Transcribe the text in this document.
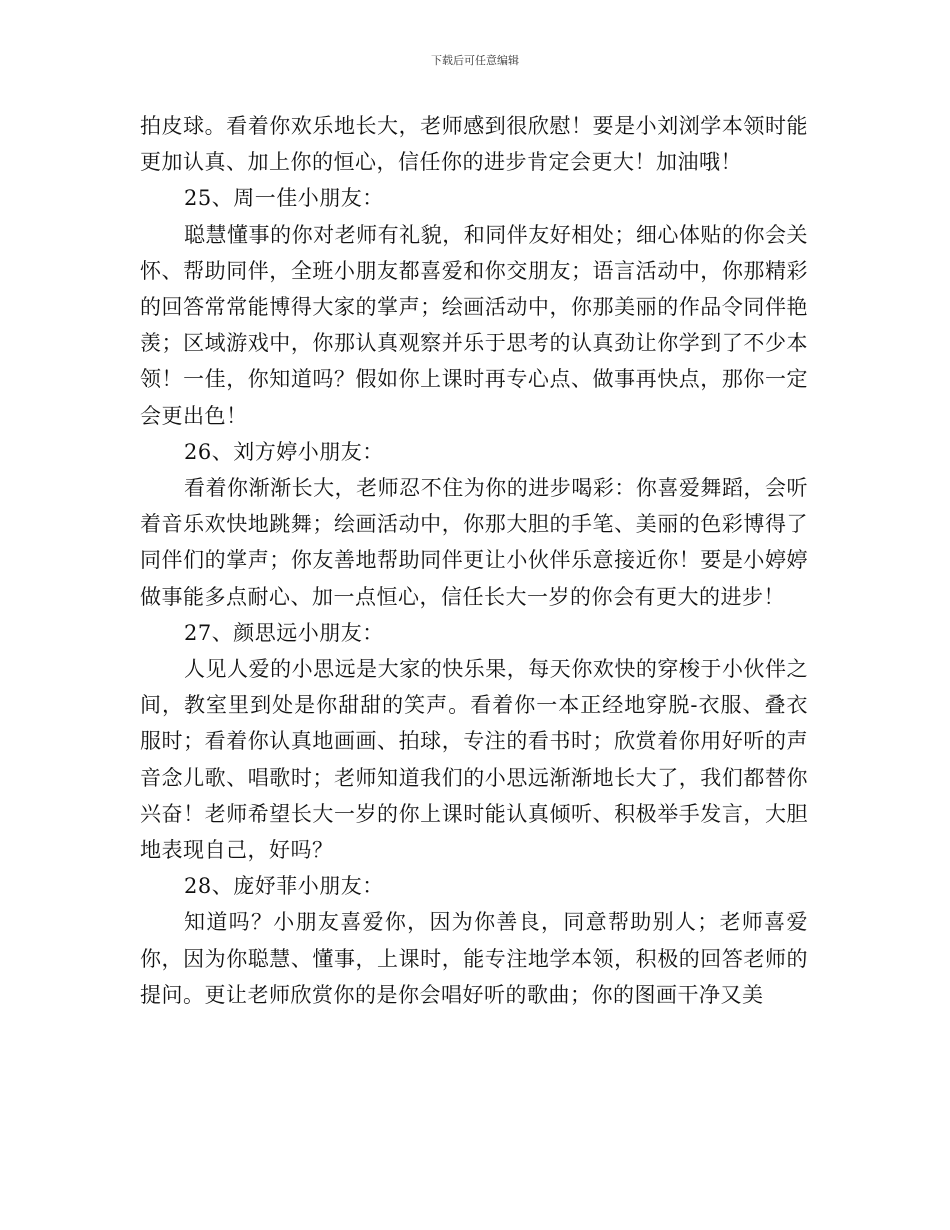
下载后可任意编辑

拍皮球。看着你欢乐地长大，老师感到很欣慰！要是小刘浏学本领时能更加认真、加上你的恒心，信任你的进步肯定会更大！加油哦！

25、周一佳小朋友：

聪慧懂事的你对老师有礼貌，和同伴友好相处；细心体贴的你会关怀、帮助同伴，全班小朋友都喜爱和你交朋友；语言活动中，你那精彩的回答常常能博得大家的掌声；绘画活动中，你那美丽的作品令同伴艳羡；区域游戏中，你那认真观察并乐于思考的认真劲让你学到了不少本领！一佳，你知道吗？假如你上课时再专心点、做事再快点，那你一定会更出色！

26、刘方婷小朋友：

看着你渐渐长大，老师忍不住为你的进步喝彩：你喜爱舞蹈，会听着音乐欢快地跳舞；绘画活动中，你那大胆的手笔、美丽的色彩博得了同伴们的掌声；你友善地帮助同伴更让小伙伴乐意接近你！要是小婷婷做事能多点耐心、加一点恒心，信任长大一岁的你会有更大的进步！

27、颜思远小朋友：

人见人爱的小思远是大家的快乐果，每天你欢快的穿梭于小伙伴之间，教室里到处是你甜甜的笑声。看着你一本正经地穿脱-衣服、叠衣服时；看着你认真地画画、拍球，专注的看书时；欣赏着你用好听的声音念儿歌、唱歌时；老师知道我们的小思远渐渐地长大了，我们都替你兴奋！老师希望长大一岁的你上课时能认真倾听、积极举手发言，大胆地表现自己，好吗？

28、庞妤菲小朋友：

知道吗？小朋友喜爱你，因为你善良，同意帮助别人；老师喜爱你，因为你聪慧、懂事，上课时，能专注地学本领，积极的回答老师的提问。更让老师欣赏你的是你会唱好听的歌曲；你的图画干净又美
